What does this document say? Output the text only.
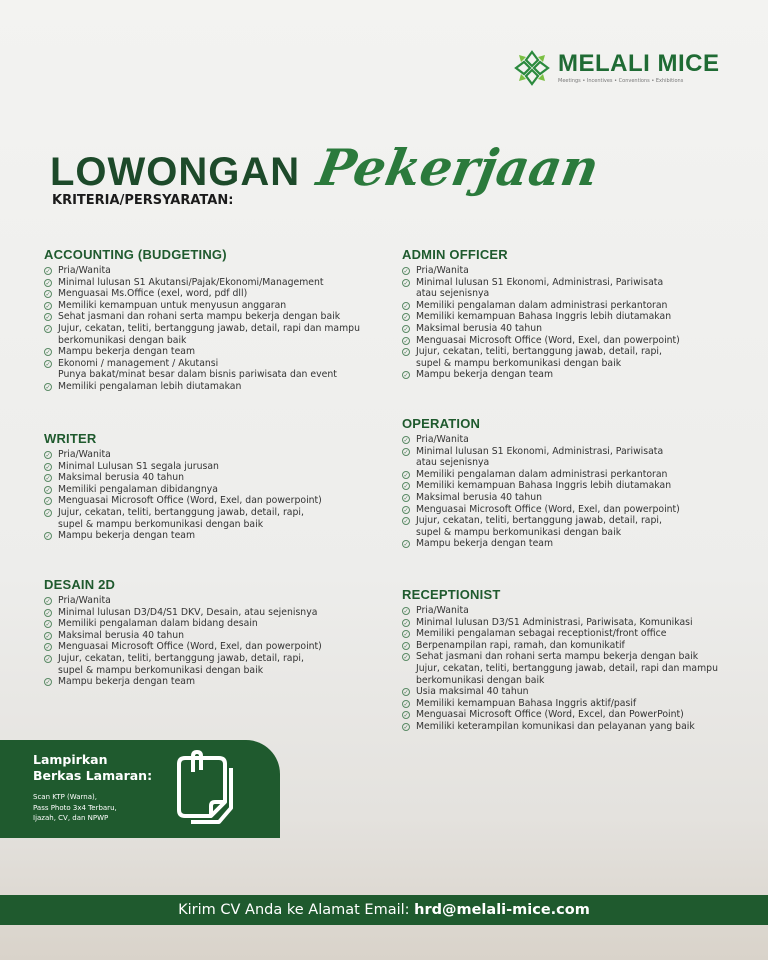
MELALI MICE
Meetings • Incentives • Conventions • Exhibitions
LOWONGAN Pekerjaan
KRITERIA/PERSYARATAN:
ACCOUNTING (BUDGETING)
✓ Pria/Wanita
✓ Minimal lulusan S1 Akutansi/Pajak/Ekonomi/Management
✓ Menguasai Ms.Office (exel, word, pdf dll)
✓ Memiliki kemampuan untuk menyusun anggaran
✓ Sehat jasmani dan rohani serta mampu bekerja dengan baik
✓ Jujur, cekatan, teliti, bertanggung jawab, detail, rapi dan mampu
berkomunikasi dengan baik
✓ Mampu bekerja dengan team
✓ Ekonomi / management / Akutansi
Punya bakat/minat besar dalam bisnis pariwisata dan event
✓ Memiliki pengalaman lebih diutamakan
WRITER
✓ Pria/Wanita
✓ Minimal Lulusan S1 segala jurusan
✓ Maksimal berusia 40 tahun
✓ Memiliki pengalaman dibidangnya
✓ Menguasai Microsoft Office (Word, Exel, dan powerpoint)
✓ Jujur, cekatan, teliti, bertanggung jawab, detail, rapi,
supel & mampu berkomunikasi dengan baik
✓ Mampu bekerja dengan team
DESAIN 2D
✓ Pria/Wanita
✓ Minimal lulusan D3/D4/S1 DKV, Desain, atau sejenisnya
✓ Memiliki pengalaman dalam bidang desain
✓ Maksimal berusia 40 tahun
✓ Menguasai Microsoft Office (Word, Exel, dan powerpoint)
✓ Jujur, cekatan, teliti, bertanggung jawab, detail, rapi,
supel & mampu berkomunikasi dengan baik
✓ Mampu bekerja dengan team
ADMIN OFFICER
✓ Pria/Wanita
✓ Minimal lulusan S1 Ekonomi, Administrasi, Pariwisata
atau sejenisnya
✓ Memiliki pengalaman dalam administrasi perkantoran
✓ Memiliki kemampuan Bahasa Inggris lebih diutamakan
✓ Maksimal berusia 40 tahun
✓ Menguasai Microsoft Office (Word, Exel, dan powerpoint)
✓ Jujur, cekatan, teliti, bertanggung jawab, detail, rapi,
supel & mampu berkomunikasi dengan baik
✓ Mampu bekerja dengan team
OPERATION
✓ Pria/Wanita
✓ Minimal lulusan S1 Ekonomi, Administrasi, Pariwisata
atau sejenisnya
✓ Memiliki pengalaman dalam administrasi perkantoran
✓ Memiliki kemampuan Bahasa Inggris lebih diutamakan
✓ Maksimal berusia 40 tahun
✓ Menguasai Microsoft Office (Word, Exel, dan powerpoint)
✓ Jujur, cekatan, teliti, bertanggung jawab, detail, rapi,
supel & mampu berkomunikasi dengan baik
✓ Mampu bekerja dengan team
RECEPTIONIST
✓ Pria/Wanita
✓ Minimal lulusan D3/S1 Administrasi, Pariwisata, Komunikasi
✓ Memiliki pengalaman sebagai receptionist/front office
✓ Berpenampilan rapi, ramah, dan komunikatif
✓ Sehat jasmani dan rohani serta mampu bekerja dengan baik
Jujur, cekatan, teliti, bertanggung jawab, detail, rapi dan mampu
berkomunikasi dengan baik
✓ Usia maksimal 40 tahun
✓ Memiliki kemampuan Bahasa Inggris aktif/pasif
✓ Menguasai Microsoft Office (Word, Excel, dan PowerPoint)
✓ Memiliki keterampilan komunikasi dan pelayanan yang baik
Lampirkan
Berkas Lamaran:

Scan KTP (Warna),
Pass Photo 3x4 Terbaru,
Ijazah, CV, dan NPWP

Kirim CV Anda ke Alamat Email: hrd@melali-mice.com
